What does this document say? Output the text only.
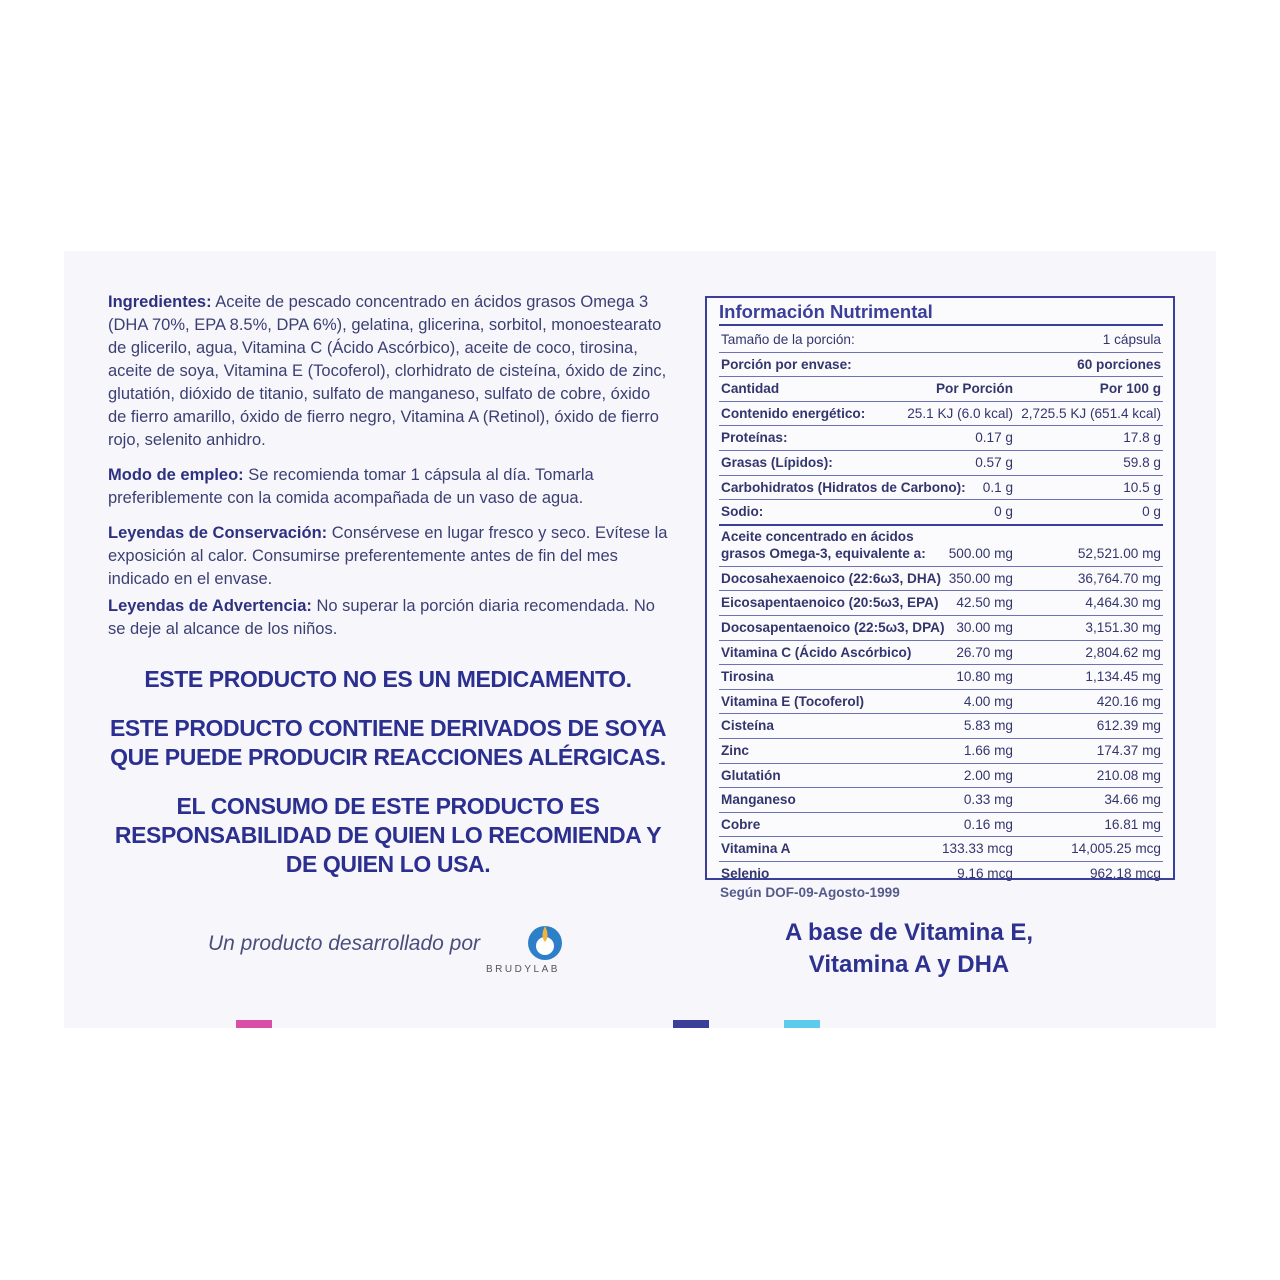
Ingredientes: Aceite de pescado concentrado en ácidos grasos Omega 3 (DHA 70%, EPA 8.5%, DPA 6%), gelatina, glicerina, sorbitol, monoestearato de glicerilo, agua, Vitamina C (Ácido Ascórbico), aceite de coco, tirosina, aceite de soya, Vitamina E (Tocoferol), clorhidrato de cisteína, óxido de zinc, glutatión, dióxido de titanio, sulfato de manganeso, sulfato de cobre, óxido de fierro amarillo, óxido de fierro negro, Vitamina A (Retinol), óxido de fierro rojo, selenito anhidro.

Modo de empleo: Se recomienda tomar 1 cápsula al día. Tomarla preferiblemente con la comida acompañada de un vaso de agua.

Leyendas de Conservación: Consérvese en lugar fresco y seco. Evítese la exposición al calor. Consumirse preferentemente antes de fin del mes indicado en el envase.

Leyendas de Advertencia: No superar la porción diaria recomendada. No se deje al alcance de los niños.

ESTE PRODUCTO NO ES UN MEDICAMENTO.

ESTE PRODUCTO CONTIENE DERIVADOS DE SOYA QUE PUEDE PRODUCIR REACCIONES ALÉRGICAS.

EL CONSUMO DE ESTE PRODUCTO ES RESPONSABILIDAD DE QUIEN LO RECOMIENDA Y DE QUIEN LO USA.

Un producto desarrollado por
BRUDYLAB
Información Nutrimental
Tamaño de la porción:	1 cápsula
Porción por envase:	60 porciones
Cantidad	Por Porción	Por 100 g
Contenido energético:	25.1 KJ (6.0 kcal) 2,725.5 KJ (651.4 kcal)
Proteínas:	0.17 g	17.8 g
Grasas (Lípidos):	0.57 g	59.8 g
Carbohidratos (Hidratos de Carbono): 0.1 g	10.5 g
Sodio:	0 g	0 g
Aceite concentrado en ácidos grasos Omega-3, equivalente a:	500.00 mg	52,521.00 mg
Docosahexaenoico (22:6ω3, DHA) 350.00 mg	36,764.70 mg
Eicosapentaenoico (20:5ω3, EPA) 42.50 mg	4,464.30 mg
Docosapentaenoico (22:5ω3, DPA) 30.00 mg	3,151.30 mg
Vitamina C (Ácido Ascórbico)	26.70 mg	2,804.62 mg
Tirosina	10.80 mg	1,134.45 mg
Vitamina E (Tocoferol)	4.00 mg	420.16 mg
Cisteína	5.83 mg	612.39 mg
Zinc	1.66 mg	174.37 mg
Glutatión	2.00 mg	210.08 mg
Manganeso	0.33 mg	34.66 mg
Cobre	0.16 mg	16.81 mg
Vitamina A	133.33 mcg	14,005.25 mcg
Selenio	9.16 mcg	962.18 mcg
Según DOF-09-Agosto-1999
A base de Vitamina E,
Vitamina A y DHA
